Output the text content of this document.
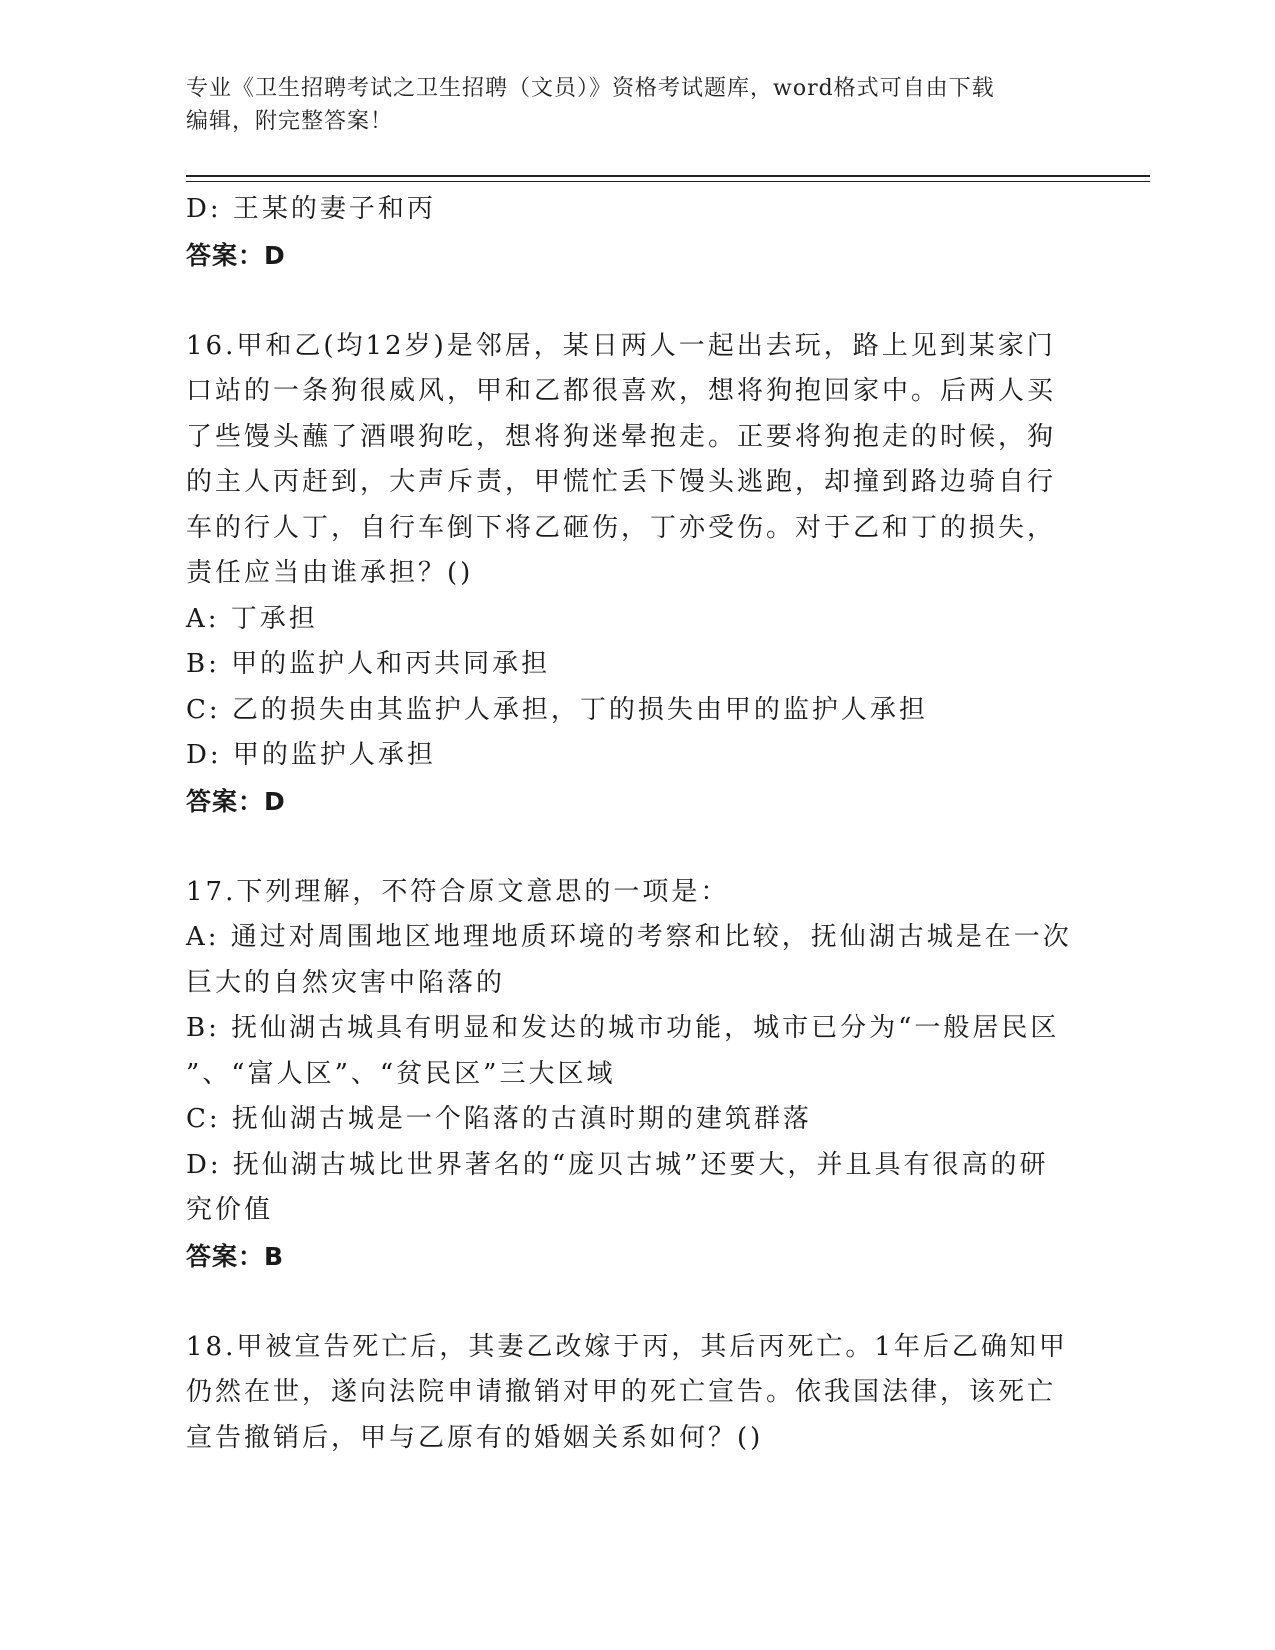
专业《卫生招聘考试之卫生招聘（文员）》资格考试题库，word格式可自由下载
编辑，附完整答案！
D: 王某的妻子和丙
答案：D
16.甲和乙(均12岁)是邻居，某日两人一起出去玩，路上见到某家门
口站的一条狗很威风，甲和乙都很喜欢，想将狗抱回家中。后两人买
了些馒头蘸了酒喂狗吃，想将狗迷晕抱走。正要将狗抱走的时候，狗
的主人丙赶到，大声斥责，甲慌忙丢下馒头逃跑，却撞到路边骑自行
车的行人丁，自行车倒下将乙砸伤，丁亦受伤。对于乙和丁的损失，
责任应当由谁承担？()
A: 丁承担
B: 甲的监护人和丙共同承担
C: 乙的损失由其监护人承担，丁的损失由甲的监护人承担
D: 甲的监护人承担
答案：D
17.下列理解，不符合原文意思的一项是：
A: 通过对周围地区地理地质环境的考察和比较，抚仙湖古城是在一次
巨大的自然灾害中陷落的
B: 抚仙湖古城具有明显和发达的城市功能，城市已分为“一般居民区
”、“富人区”、“贫民区”三大区域
C: 抚仙湖古城是一个陷落的古滇时期的建筑群落
D: 抚仙湖古城比世界著名的“庞贝古城”还要大，并且具有很高的研
究价值
答案：B
18.甲被宣告死亡后，其妻乙改嫁于丙，其后丙死亡。1年后乙确知甲
仍然在世，遂向法院申请撤销对甲的死亡宣告。依我国法律，该死亡
宣告撤销后，甲与乙原有的婚姻关系如何？()
